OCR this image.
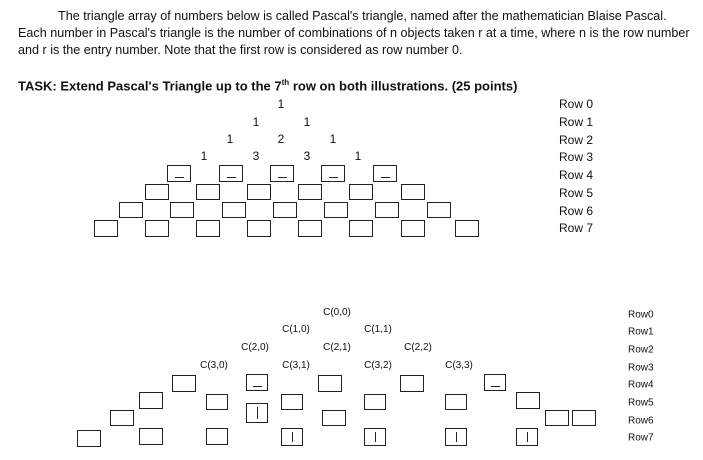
The triangle array of numbers below is called Pascal's triangle, named after the mathematician Blaise Pascal. Each number in Pascal's triangle is the number of combinations of n objects taken r at a time, where n is the row number and r is the entry number. Note that the first row is considered as row number 0.

TASK: Extend Pascal's Triangle up to the 7th row on both illustrations. (25 points)

1
1	1
1	2	1
1	3	3	1
Row 0
Row 1
Row 2
Row 3
Row 4
Row 5
Row 6
Row 7
C(0,0)
C(1,0)	C(1,1)
C(2,0)	C(2,1)	C(2,2)
C(3,0)	C(3,1)	C(3,2)	C(3,3)
Row0
Row1
Row2
Row3
Row4
Row5
Row6
Row7
